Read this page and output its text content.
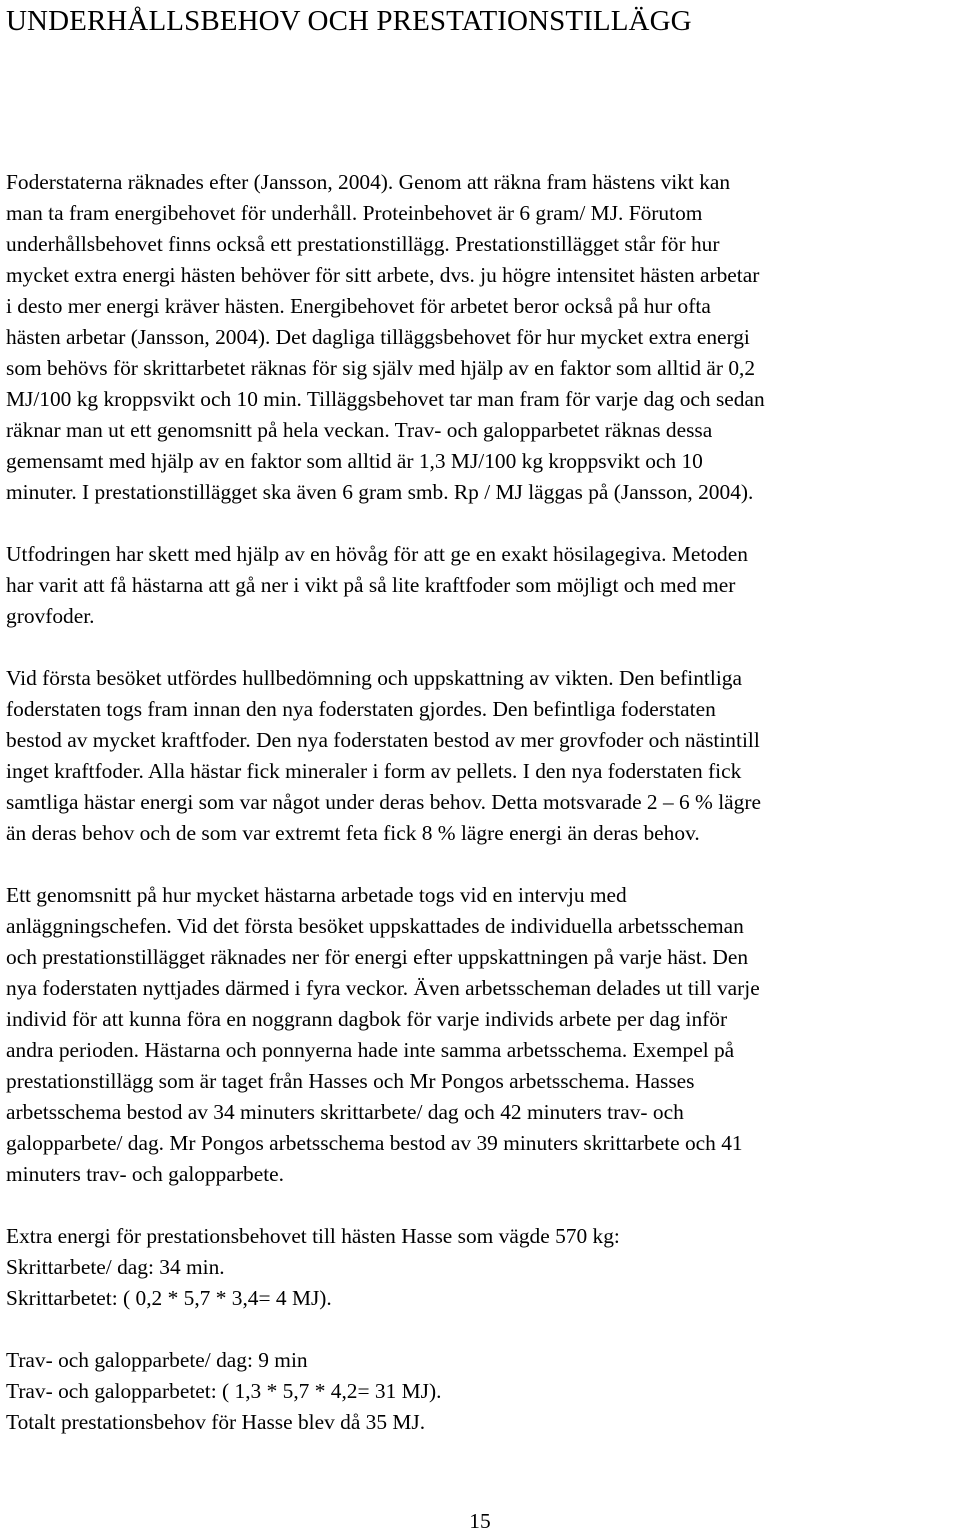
UNDERHÅLLSBEHOV OCH PRESTATIONSTILLÄGG

Foderstaterna räknades efter (Jansson, 2004). Genom att räkna fram hästens vikt kan
man ta fram energibehovet för underhåll. Proteinbehovet är 6 gram/ MJ. Förutom
underhållsbehovet finns också ett prestationstillägg. Prestationstillägget står för hur
mycket extra energi hästen behöver för sitt arbete, dvs. ju högre intensitet hästen arbetar
i desto mer energi kräver hästen. Energibehovet för arbetet beror också på hur ofta
hästen arbetar (Jansson, 2004). Det dagliga tilläggsbehovet för hur mycket extra energi
som behövs för skrittarbetet räknas för sig själv med hjälp av en faktor som alltid är 0,2
MJ/100 kg kroppsvikt och 10 min. Tilläggsbehovet tar man fram för varje dag och sedan
räknar man ut ett genomsnitt på hela veckan. Trav- och galopparbetet räknas dessa
gemensamt med hjälp av en faktor som alltid är 1,3 MJ/100 kg kroppsvikt och 10
minuter. I prestationstillägget ska även 6 gram smb. Rp / MJ läggas på (Jansson, 2004).

Utfodringen har skett med hjälp av en hövåg för att ge en exakt hösilagegiva. Metoden
har varit att få hästarna att gå ner i vikt på så lite kraftfoder som möjligt och med mer
grovfoder.

Vid första besöket utfördes hullbedömning och uppskattning av vikten. Den befintliga
foderstaten togs fram innan den nya foderstaten gjordes. Den befintliga foderstaten
bestod av mycket kraftfoder. Den nya foderstaten bestod av mer grovfoder och nästintill
inget kraftfoder. Alla hästar fick mineraler i form av pellets. I den nya foderstaten fick
samtliga hästar energi som var något under deras behov. Detta motsvarade 2 – 6 % lägre
än deras behov och de som var extremt feta fick 8 % lägre energi än deras behov.

Ett genomsnitt på hur mycket hästarna arbetade togs vid en intervju med
anläggningschefen. Vid det första besöket uppskattades de individuella arbetsscheman
och prestationstillägget räknades ner för energi efter uppskattningen på varje häst. Den
nya foderstaten nyttjades därmed i fyra veckor. Även arbetsscheman delades ut till varje
individ för att kunna föra en noggrann dagbok för varje individs arbete per dag inför
andra perioden. Hästarna och ponnyerna hade inte samma arbetsschema. Exempel på
prestationstillägg som är taget från Hasses och Mr Pongos arbetsschema. Hasses
arbetsschema bestod av 34 minuters skrittarbete/ dag och 42 minuters trav- och
galopparbete/ dag. Mr Pongos arbetsschema bestod av 39 minuters skrittarbete och 41
minuters trav- och galopparbete.

Extra energi för prestationsbehovet till hästen Hasse som vägde 570 kg:
Skrittarbete/ dag: 34 min.
Skrittarbetet: ( 0,2 * 5,7 * 3,4= 4 MJ).

Trav- och galopparbete/ dag: 9 min
Trav- och galopparbetet: ( 1,3 * 5,7 * 4,2= 31 MJ).
Totalt prestationsbehov för Hasse blev då 35 MJ.

15
